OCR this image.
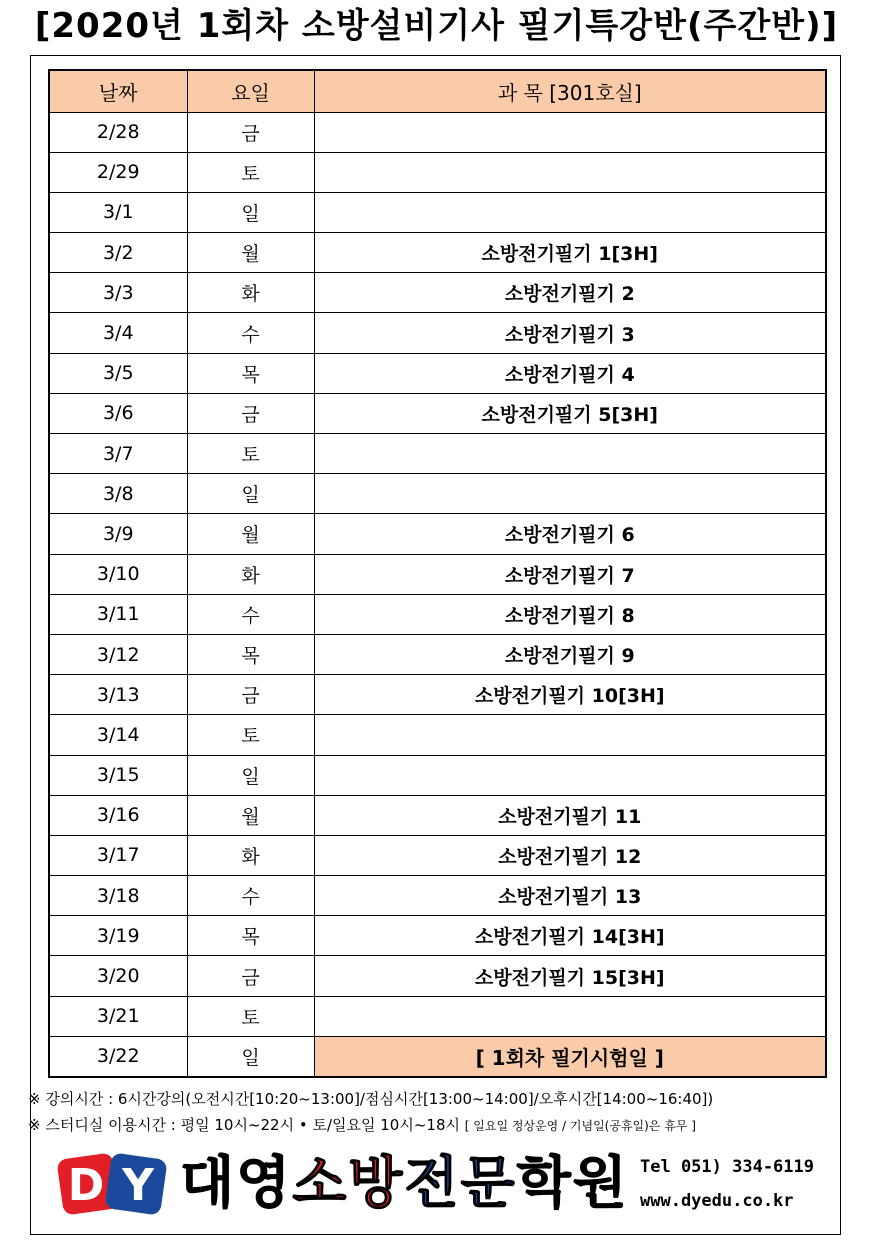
[2020년 1회차 소방설비기사 필기특강반(주간반)]
날짜	요일	과 목 [301호실]
2/28	금	
2/29	토	
3/1	일	
3/2	월	소방전기필기 1[3H]
3/3	화	소방전기필기 2
3/4	수	소방전기필기 3
3/5	목	소방전기필기 4
3/6	금	소방전기필기 5[3H]
3/7	토	
3/8	일	
3/9	월	소방전기필기 6
3/10	화	소방전기필기 7
3/11	수	소방전기필기 8
3/12	목	소방전기필기 9
3/13	금	소방전기필기 10[3H]
3/14	토	
3/15	일	
3/16	월	소방전기필기 11
3/17	화	소방전기필기 12
3/18	수	소방전기필기 13
3/19	목	소방전기필기 14[3H]
3/20	금	소방전기필기 15[3H]
3/21	토	
3/22	일	[ 1회차 필기시험일 ]
※ 강의시간 : 6시간강의(오전시간[10:20~13:00]/점심시간[13:00~14:00]/오후시간[14:00~16:40])
※ 스터디실 이용시간 : 평일 10시~22시 • 토/일요일 10시~18시 [ 일요일 정상운영 / 기념일(공휴일)은 휴무 ]
D Y 대영소방전문학원 Tel 051) 334-6119
www.dyedu.co.kr
